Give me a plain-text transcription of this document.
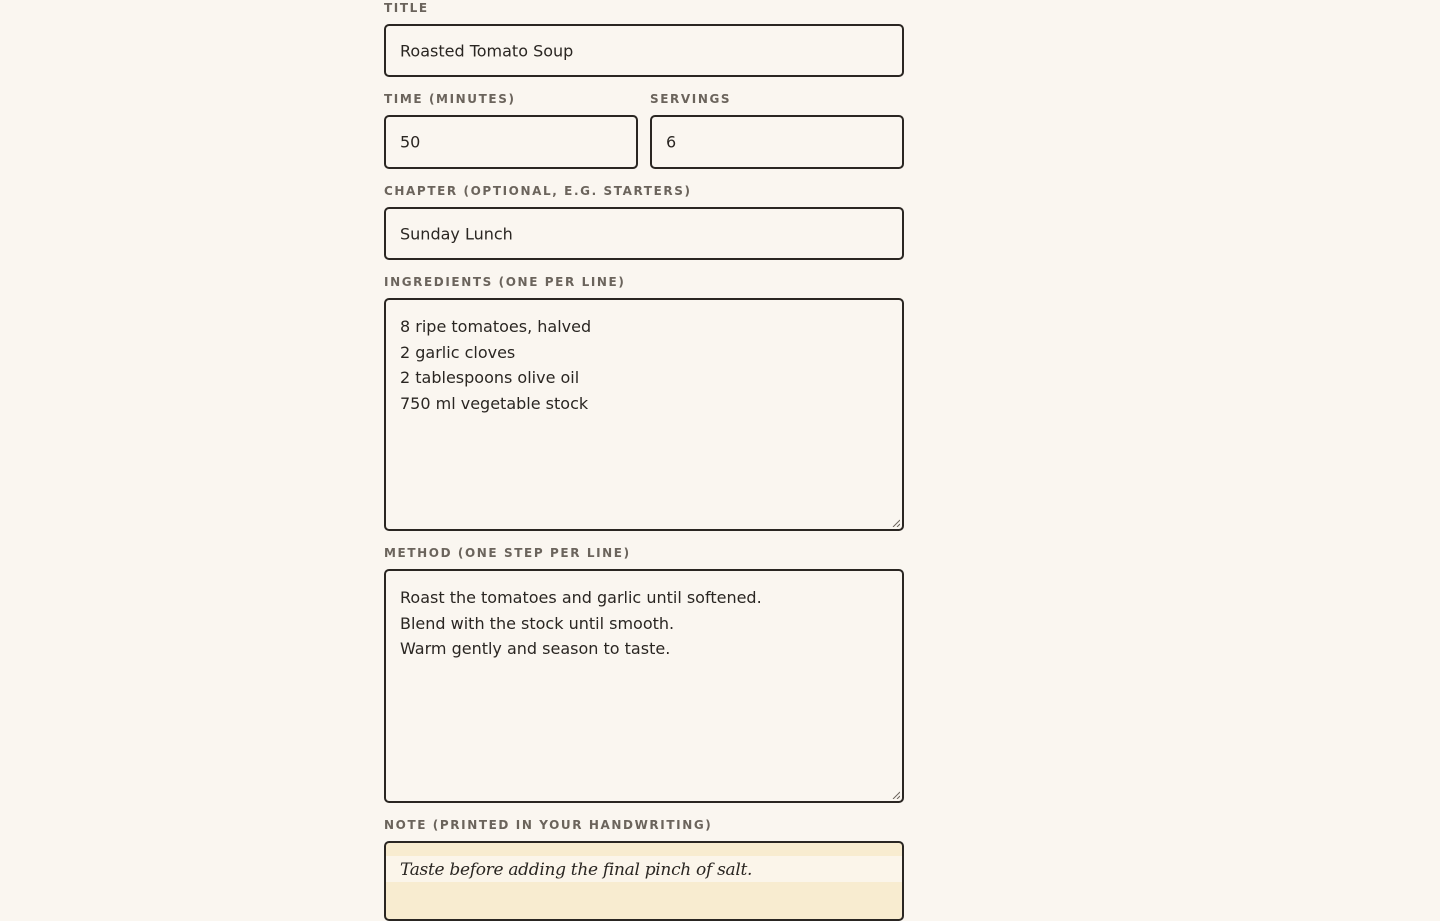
TITLE
Roasted Tomato Soup
TIME (MINUTES)
50
SERVINGS
6
CHAPTER (OPTIONAL, E.G. STARTERS)
Sunday Lunch
INGREDIENTS (ONE PER LINE)
8 ripe tomatoes, halved
2 garlic cloves
2 tablespoons olive oil
750 ml vegetable stock
METHOD (ONE STEP PER LINE)
Roast the tomatoes and garlic until softened.
Blend with the stock until smooth.
Warm gently and season to taste.
NOTE (PRINTED IN YOUR HANDWRITING)
Taste before adding the final pinch of salt.
